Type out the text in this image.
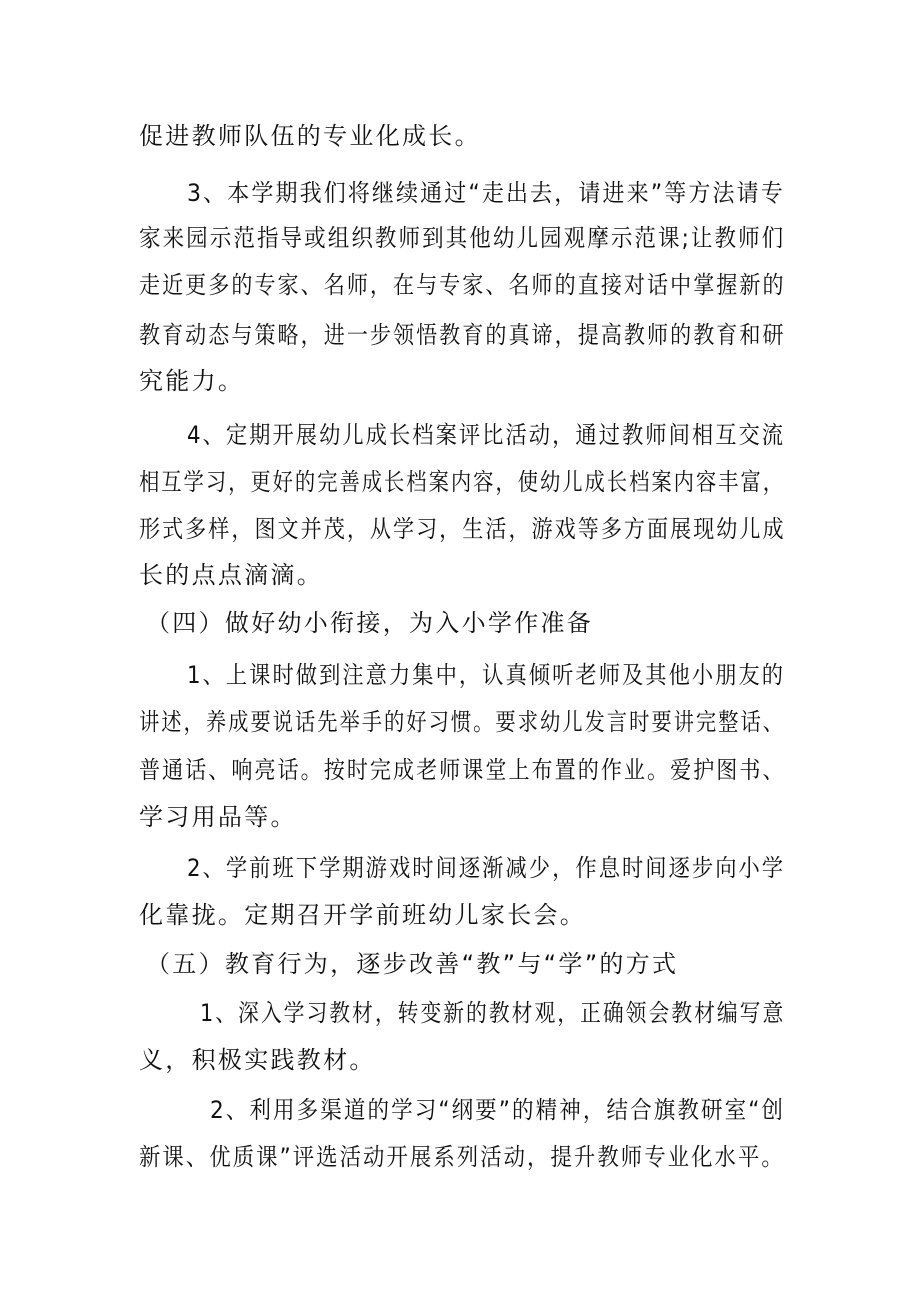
促进教师队伍的专业化成长。
3、本学期我们将继续通过“走出去，请进来”等方法请专
家来园示范指导或组织教师到其他幼儿园观摩示范课;让教师们
走近更多的专家、名师，在与专家、名师的直接对话中掌握新的
教育动态与策略，进一步领悟教育的真谛，提高教师的教育和研
究能力。
4、定期开展幼儿成长档案评比活动，通过教师间相互交流
相互学习，更好的完善成长档案内容，使幼儿成长档案内容丰富，
形式多样，图文并茂，从学习，生活，游戏等多方面展现幼儿成
长的点点滴滴。
（四）做好幼小衔接，为入小学作准备
1、上课时做到注意力集中，认真倾听老师及其他小朋友的
讲述，养成要说话先举手的好习惯。要求幼儿发言时要讲完整话、
普通话、响亮话。按时完成老师课堂上布置的作业。爱护图书、
学习用品等。
2、学前班下学期游戏时间逐渐减少，作息时间逐步向小学
化靠拢。定期召开学前班幼儿家长会。
（五）教育行为，逐步改善“教”与“学”的方式
1、深入学习教材，转变新的教材观，正确领会教材编写意
义，积极实践教材。
2、利用多渠道的学习“纲要”的精神，结合旗教研室“创
新课、优质课”评选活动开展系列活动，提升教师专业化水平。
